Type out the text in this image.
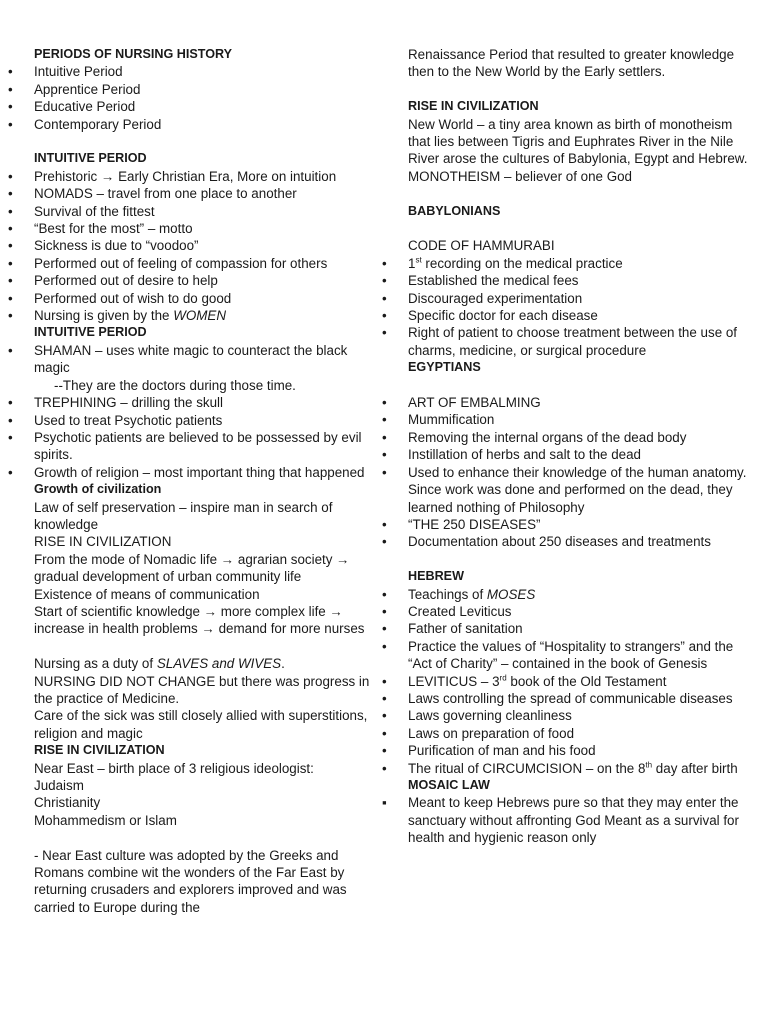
PERIODS OF NURSING HISTORY

•	Intuitive Period
•	Apprentice Period
•	Educative Period
•	Contemporary Period

INTUITIVE PERIOD

•	Prehistoric → Early Christian Era, More on intuition
•	NOMADS – travel from one place to another
•	Survival of the fittest
•	“Best for the most” – motto
•	Sickness is due to “voodoo”
•	Performed out of feeling of compassion for others
•	Performed out of desire to help
•	Performed out of wish to do good
•	Nursing is given by the WOMEN

INTUITIVE PERIOD

•	SHAMAN – uses white magic to counteract the black magic

--They are the doctors during those time.

•	TREPHINING – drilling the skull
•	Used to treat Psychotic patients
•	Psychotic patients are believed to be possessed by evil spirits.
•	Growth of religion – most important thing that happened

Growth of civilization

Law of self preservation – inspire man in search of knowledge

RISE IN CIVILIZATION

From the mode of Nomadic life → agrarian society → gradual development of urban community life

Existence of means of communication

Start of scientific knowledge → more complex life → increase in health problems → demand for more nurses

Nursing as a duty of SLAVES and WIVES.

NURSING DID NOT CHANGE but there was progress in the practice of Medicine.

Care of the sick was still closely allied with superstitions, religion and magic

RISE IN CIVILIZATION

Near East – birth place of 3 religious ideologist:

Judaism

Christianity

Mohammedism or Islam

- Near East culture was adopted by the Greeks and Romans combine wit the wonders of the Far East by returning crusaders and explorers improved and was carried to Europe during the

Renaissance Period that resulted to greater knowledge then to the New World by the Early settlers.

RISE IN CIVILIZATION

New World – a tiny area known as birth of monotheism that lies between Tigris and Euphrates River in the Nile River arose the cultures of Babylonia, Egypt and Hebrew.

MONOTHEISM – believer of one God

BABYLONIANS

CODE OF HAMMURABI

•	1st recording on the medical practice
•	Established the medical fees
•	Discouraged experimentation
•	Specific doctor for each disease
•	Right of patient to choose treatment between the use of charms, medicine, or surgical procedure

EGYPTIANS

•	ART OF EMBALMING
•	Mummification
•	Removing the internal organs of the dead body
•	Instillation of herbs and salt to the dead
•	Used to enhance their knowledge of the human anatomy. Since work was done and performed on the dead, they learned nothing of Philosophy
•	“THE 250 DISEASES”
•	Documentation about 250 diseases and treatments

HEBREW

•	Teachings of MOSES
•	Created Leviticus
•	Father of sanitation
•	Practice the values of “Hospitality to strangers” and the “Act of Charity” – contained in the book of Genesis
•	LEVITICUS – 3rd book of the Old Testament
•	Laws controlling the spread of communicable diseases
•	Laws governing cleanliness
•	Laws on preparation of food
•	Purification of man and his food
•	The ritual of CIRCUMCISION – on the 8th day after birth

MOSAIC LAW

▪	Meant to keep Hebrews pure so that they may enter the sanctuary without affronting God Meant as a survival for health and hygienic reason only
